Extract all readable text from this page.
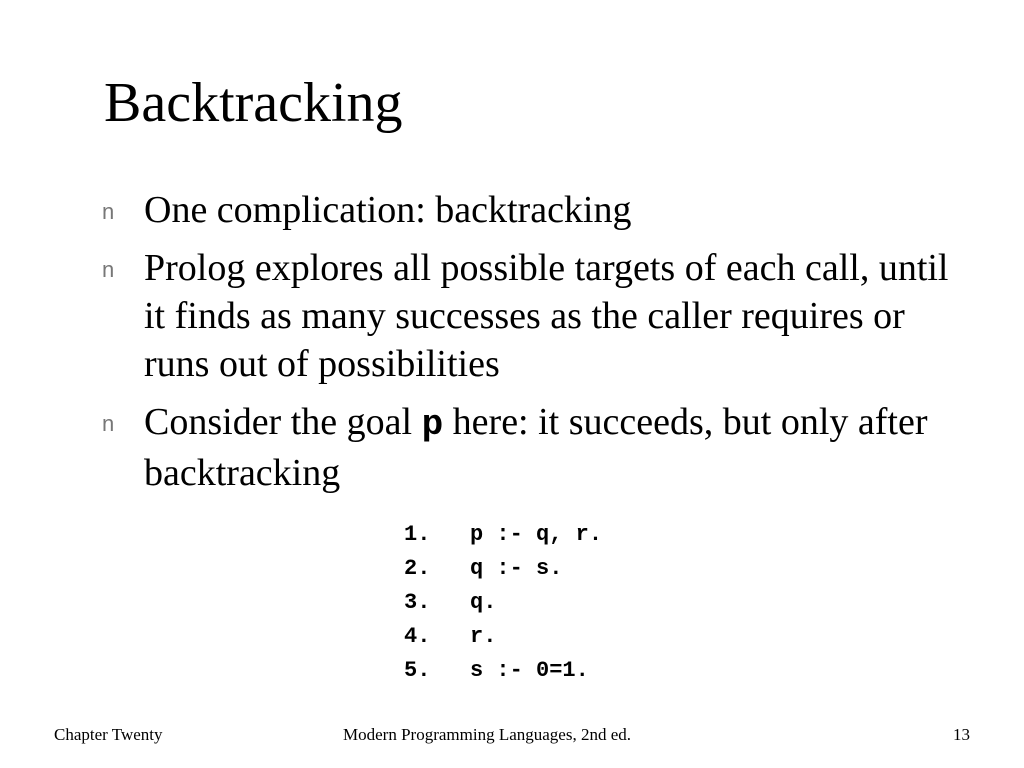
Backtracking
n One complication: backtracking
n Prolog explores all possible targets of each call, until it finds as many successes as the caller requires or runs out of possibilities
n Consider the goal p here: it succeeds, but only after backtracking
1. p :- q, r.
2. q :- s.
3. q.
4. r.
5. s :- 0=1.
Chapter Twenty	Modern Programming Languages, 2nd ed.	13
